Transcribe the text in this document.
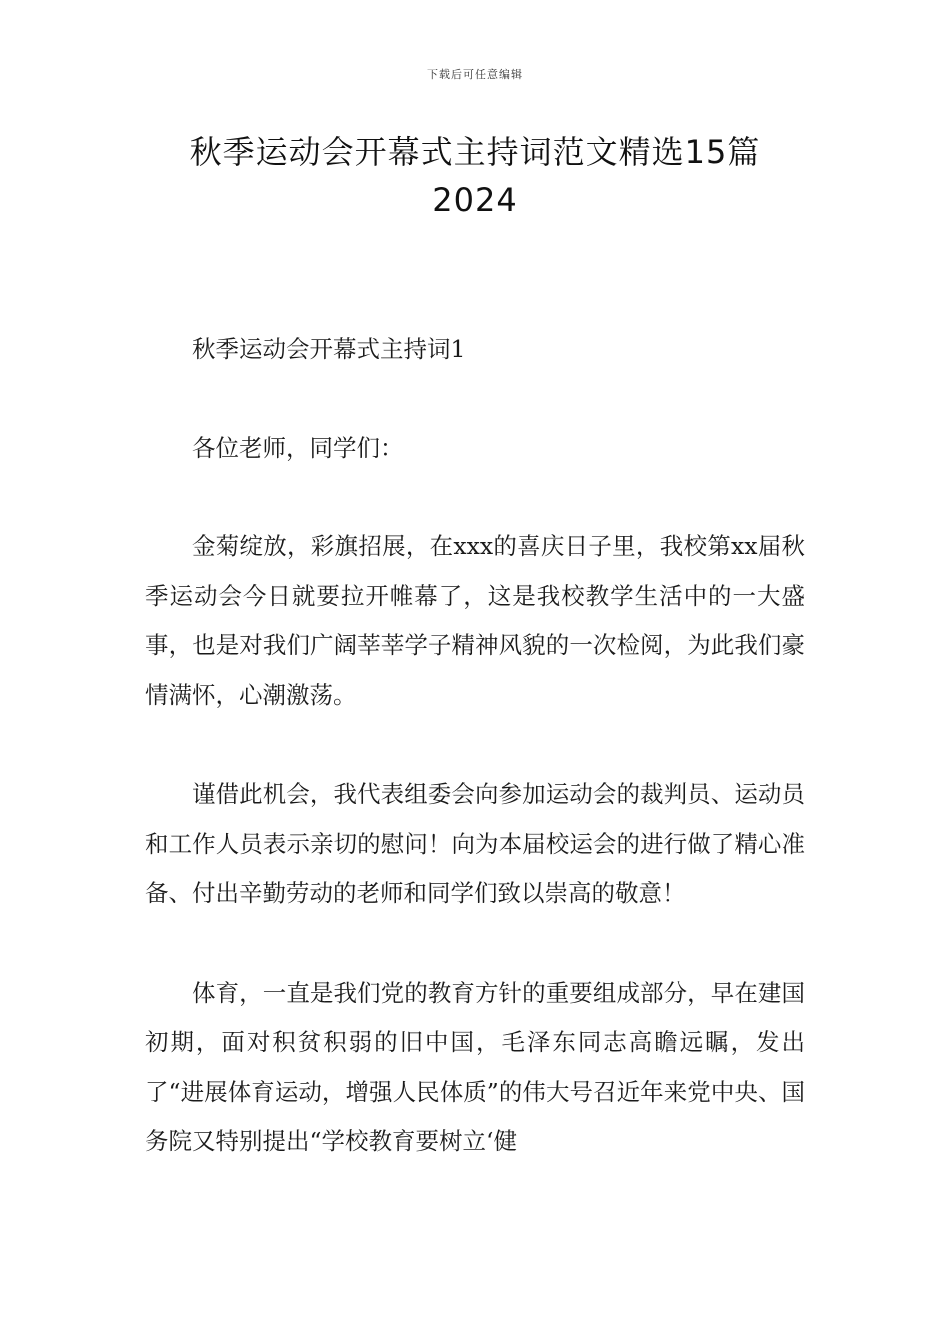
下载后可任意编辑
秋季运动会开幕式主持词范文精选15篇
2024

秋季运动会开幕式主持词1

各位老师，同学们：

金菊绽放，彩旗招展，在xxx的喜庆日子里，我校第xx届秋季运动会今日就要拉开帷幕了，这是我校教学生活中的一大盛事，也是对我们广阔莘莘学子精神风貌的一次检阅，为此我们豪情满怀，心潮激荡。

谨借此机会，我代表组委会向参加运动会的裁判员、运动员和工作人员表示亲切的慰问！向为本届校运会的进行做了精心准备、付出辛勤劳动的老师和同学们致以崇高的敬意！

体育，一直是我们党的教育方针的重要组成部分，早在建国初期，面对积贫积弱的旧中国，毛泽东同志高瞻远瞩，发出了“进展体育运动，增强人民体质”的伟大号召近年来党中央、国务院又特别提出“学校教育要树立‘健
